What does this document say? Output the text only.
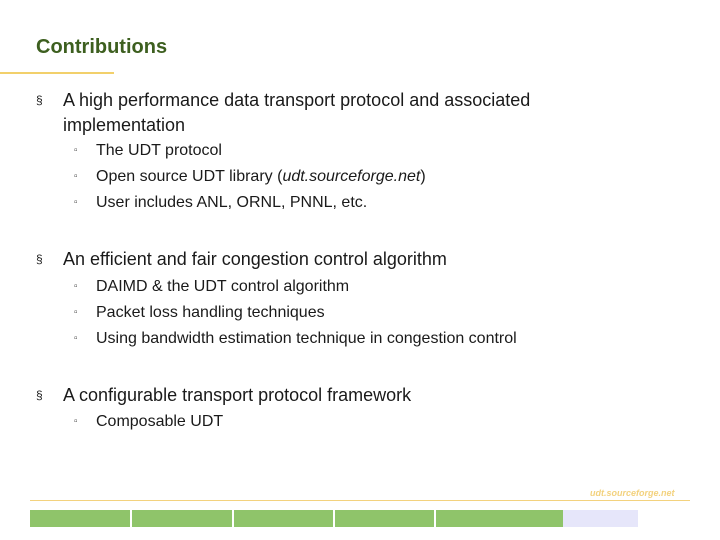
Contributions
§ A high performance data transport protocol and associated implementation
▫ The UDT protocol
▫ Open source UDT library (udt.sourceforge.net)
▫ User includes ANL, ORNL, PNNL, etc.
§ An efficient and fair congestion control algorithm
▫ DAIMD & the UDT control algorithm
▫ Packet loss handling techniques
▫ Using bandwidth estimation technique in congestion control
§ A configurable transport protocol framework
▫ Composable UDT
udt.sourceforge.net
